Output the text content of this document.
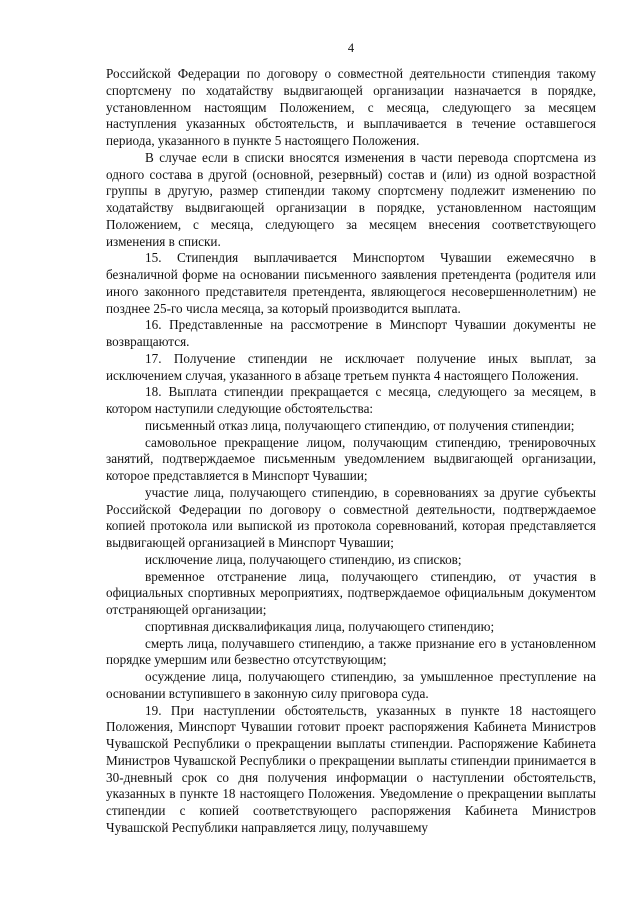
4

Российской Федерации по договору о совместной деятельности стипендия такому спортсмену по ходатайству выдвигающей организации назначается в порядке, установленном настоящим Положением, с месяца, следующего за месяцем наступления указанных обстоятельств, и выплачивается в течение оставшегося периода, указанного в пункте 5 настоящего Положения.

В случае если в списки вносятся изменения в части перевода спортсмена из одного состава в другой (основной, резервный) состав и (или) из одной возрастной группы в другую, размер стипендии такому спортсмену подлежит изменению по ходатайству выдвигающей организации в порядке, установленном настоящим Положением, с месяца, следующего за месяцем внесения соответствующего изменения в списки.

15. Стипендия выплачивается Минспортом Чувашии ежемесячно в безналичной форме на основании письменного заявления претендента (родителя или иного законного представителя претендента, являющегося несовершеннолетним) не позднее 25-го числа месяца, за который производится выплата.

16. Представленные на рассмотрение в Минспорт Чувашии документы не возвращаются.

17. Получение стипендии не исключает получение иных выплат, за исключением случая, указанного в абзаце третьем пункта 4 настоящего Положения.

18. Выплата стипендии прекращается с месяца, следующего за месяцем, в котором наступили следующие обстоятельства:

письменный отказ лица, получающего стипендию, от получения стипендии;

самовольное прекращение лицом, получающим стипендию, тренировочных занятий, подтверждаемое письменным уведомлением выдвигающей организации, которое представляется в Минспорт Чувашии;

участие лица, получающего стипендию, в соревнованиях за другие субъекты Российской Федерации по договору о совместной деятельности, подтверждаемое копией протокола или выпиской из протокола соревнований, которая представляется выдвигающей организацией в Минспорт Чувашии;

исключение лица, получающего стипендию, из списков;

временное отстранение лица, получающего стипендию, от участия в официальных спортивных мероприятиях, подтверждаемое официальным документом отстраняющей организации;

спортивная дисквалификация лица, получающего стипендию;

смерть лица, получавшего стипендию, а также признание его в установленном порядке умершим или безвестно отсутствующим;

осуждение лица, получающего стипендию, за умышленное преступление на основании вступившего в законную силу приговора суда.

19. При наступлении обстоятельств, указанных в пункте 18 настоящего Положения, Минспорт Чувашии готовит проект распоряжения Кабинета Министров Чувашской Республики о прекращении выплаты стипендии. Распоряжение Кабинета Министров Чувашской Республики о прекращении выплаты стипендии принимается в 30-дневный срок со дня получения информации о наступлении обстоятельств, указанных в пункте 18 настоящего Положения. Уведомление о прекращении выплаты стипендии с копией соответствующего распоряжения Кабинета Министров Чувашской Республики направляется лицу, получавшему
